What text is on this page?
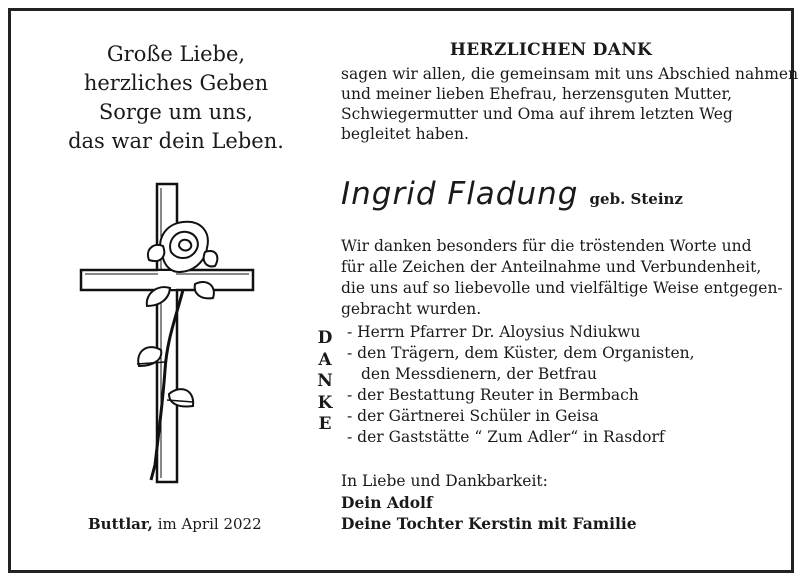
Große Liebe,
herzliches Geben
Sorge um uns,
das war dein Leben.
Buttlar, im April 2022
HERZLICHEN DANK
sagen wir allen, die gemeinsam mit uns Abschied nahmen
und meiner lieben Ehefrau, herzensguten Mutter,
Schwiegermutter und Oma auf ihrem letzten Weg
begleitet haben.
Ingrid Fladung geb. Steinz
Wir danken besonders für die tröstenden Worte und
für alle Zeichen der Anteilnahme und Verbundenheit,
die uns auf so liebevolle und vielfältige Weise entgegen-
gebracht wurden.
D
A
N
K
E
- Herrn Pfarrer Dr. Aloysius Ndiukwu
- den Trägern, dem Küster, dem Organisten,
den Messdienern, der Betfrau
- der Bestattung Reuter in Bermbach
- der Gärtnerei Schüler in Geisa
- der Gaststätte “ Zum Adler“ in Rasdorf
In Liebe und Dankbarkeit:
Dein Adolf
Deine Tochter Kerstin mit Familie
